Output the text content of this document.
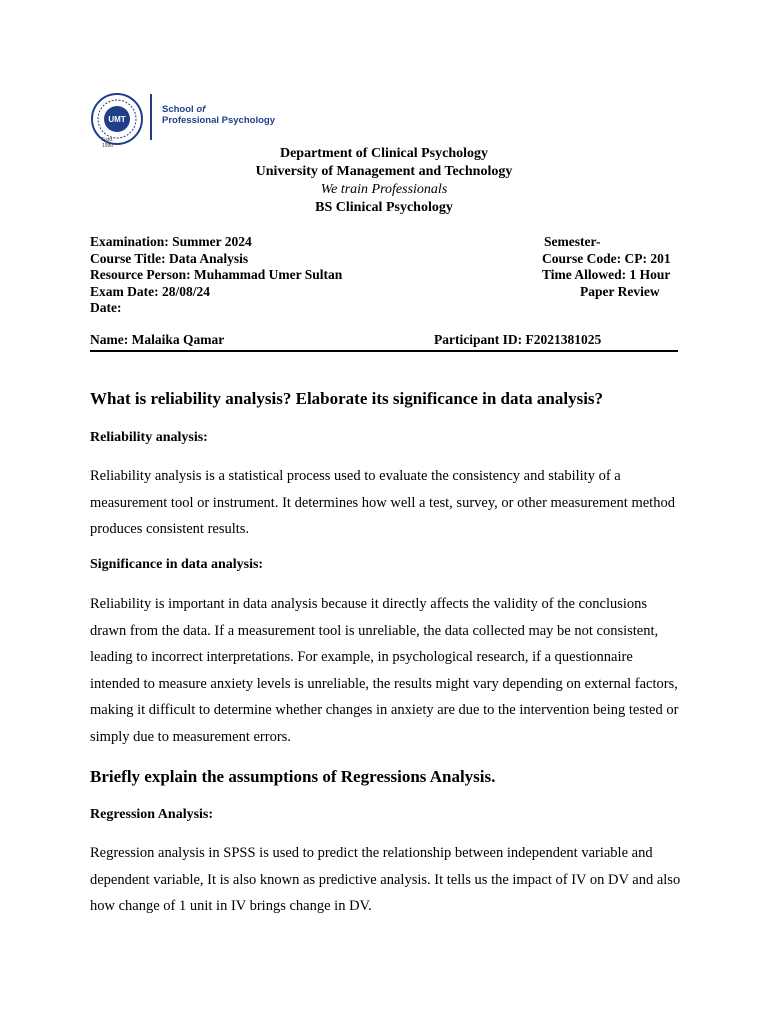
UMT
Estd. 1990
School of
Professional Psychology
Department of Clinical Psychology
University of Management and Technology
We train Professionals
BS Clinical Psychology
Examination: Summer 2024
Course Title: Data Analysis
Resource Person: Muhammad Umer Sultan
Exam Date: 28/08/24
Date:
Semester-
Course Code: CP: 201
Time Allowed: 1 Hour
Paper Review
Name: Malaika Qamar	Participant ID: F2021381025
What is reliability analysis? Elaborate its significance in data analysis?
Reliability analysis:
Reliability analysis is a statistical process used to evaluate the consistency and stability of a measurement tool or instrument. It determines how well a test, survey, or other measurement method produces consistent results.
Significance in data analysis:
Reliability is important in data analysis because it directly affects the validity of the conclusions drawn from the data. If a measurement tool is unreliable, the data collected may be not consistent, leading to incorrect interpretations. For example, in psychological research, if a questionnaire intended to measure anxiety levels is unreliable, the results might vary depending on external factors, making it difficult to determine whether changes in anxiety are due to the intervention being tested or simply due to measurement errors.
Briefly explain the assumptions of Regressions Analysis.
Regression Analysis:
Regression analysis in SPSS is used to predict the relationship between independent variable and dependent variable, It is also known as predictive analysis. It tells us the impact of IV on DV and also how change of 1 unit in IV brings change in DV.
